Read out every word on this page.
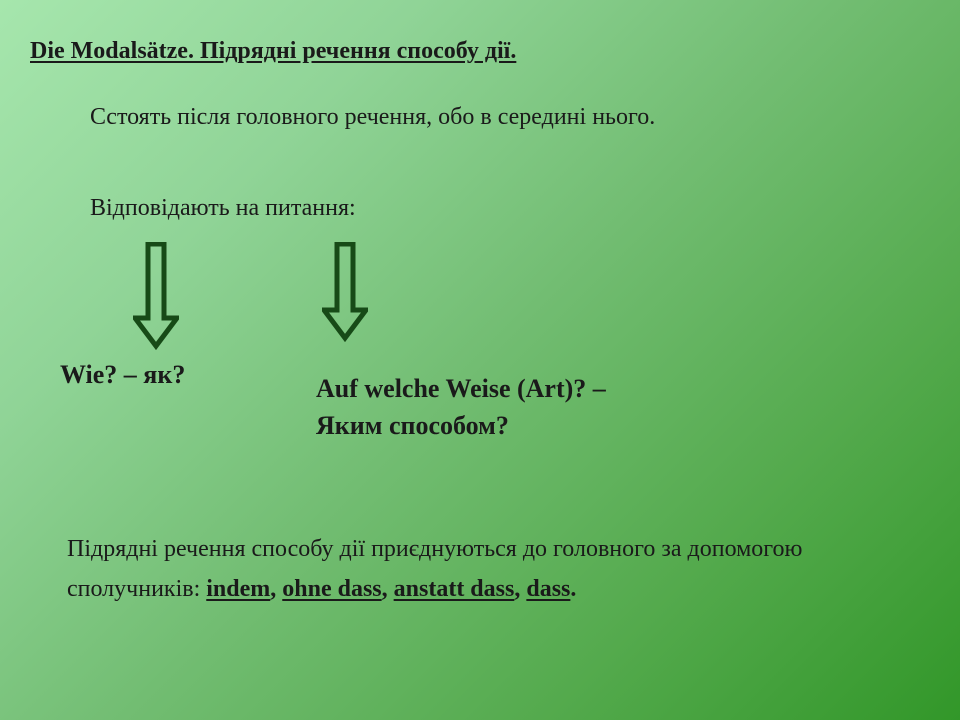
Die Modalsätze. Підрядні речення способу дії.

Сстоять після головного речення, обо в середині нього.

Відповідають на питання:

Wie? – як?	Auf welche Weise (Art)? –
Яким способом?

Підрядні речення способу дії приєднуються до головного за допомогою сполучників: indem, ohne dass, anstatt dass, dass.
